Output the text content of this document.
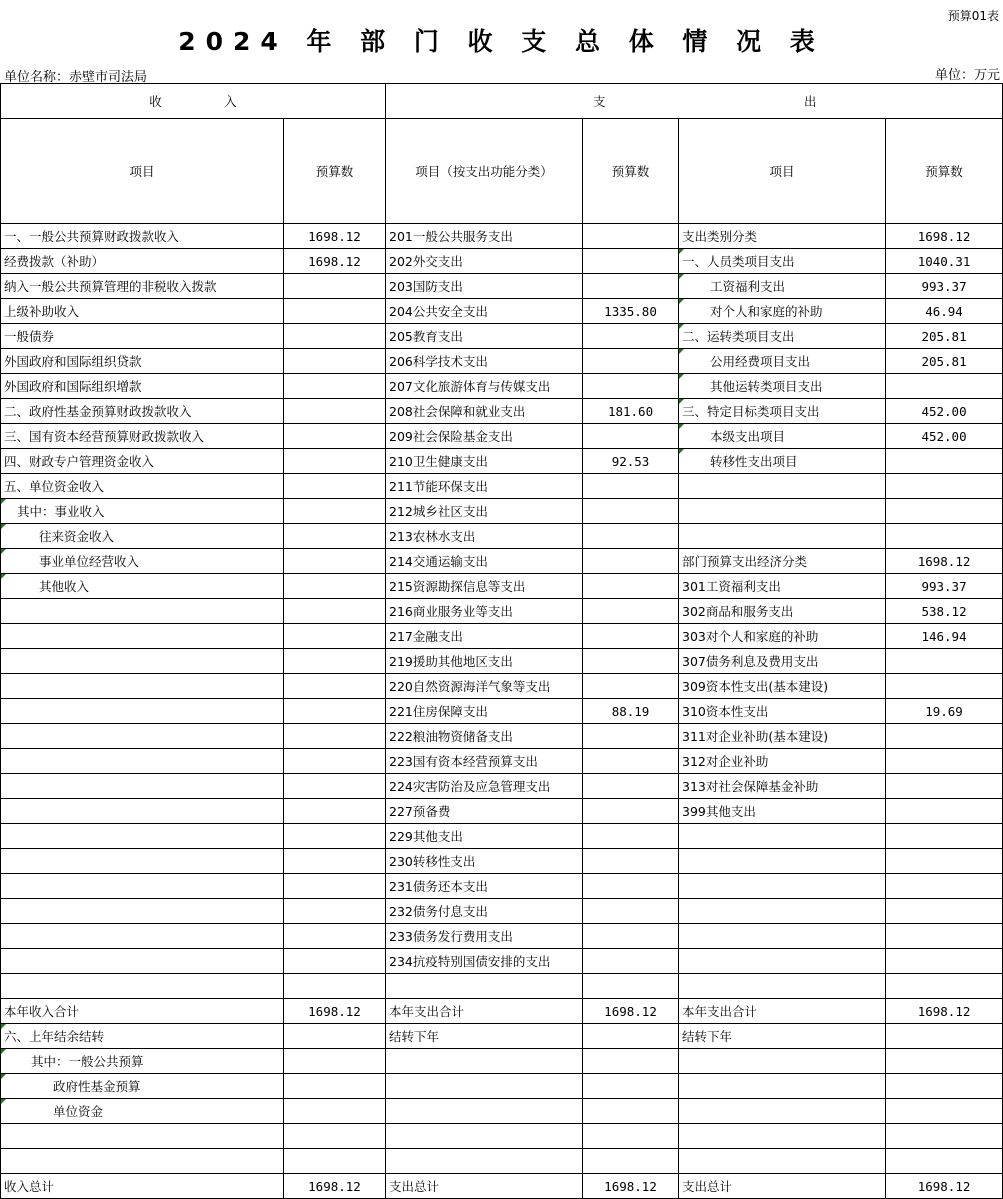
预算01表
2024 年 部 门 收 支 总 体 情 况 表
单位名称：赤壁市司法局	单位：万元
收　　　　　入		支 出			
项目	预算数	项目（按支出功能分类）	预算数	项目	预算数
一、一般公共预算财政拨款收入	1698.12	201一般公共服务支出		支出类别分类	1698.12
经费拨款（补助）	1698.12	202外交支出		一、人员类项目支出	1040.31
纳入一般公共预算管理的非税收入拨款		203国防支出		工资福利支出	993.37
上级补助收入		204公共安全支出	1335.80	对个人和家庭的补助	46.94
一般债券		205教育支出		二、运转类项目支出	205.81
外国政府和国际组织贷款		206科学技术支出		公用经费项目支出	205.81
外国政府和国际组织增款		207文化旅游体育与传媒支出		其他运转类项目支出	
二、政府性基金预算财政拨款收入		208社会保障和就业支出	181.60	三、特定目标类项目支出	452.00
三、国有资本经营预算财政拨款收入		209社会保险基金支出		本级支出项目	452.00
四、财政专户管理资金收入		210卫生健康支出	92.53	转移性支出项目	
五、单位资金收入		211节能环保支出			
其中：事业收入		212城乡社区支出			
往来资金收入		213农林水支出			
事业单位经营收入		214交通运输支出		部门预算支出经济分类	1698.12
其他收入		215资源勘探信息等支出		301工资福利支出	993.37
		216商业服务业等支出		302商品和服务支出	538.12
		217金融支出		303对个人和家庭的补助	146.94
		219援助其他地区支出		307债务利息及费用支出	
		220自然资源海洋气象等支出		309资本性支出(基本建设)	
		221住房保障支出	88.19	310资本性支出	19.69
		222粮油物资储备支出		311对企业补助(基本建设)	
		223国有资本经营预算支出		312对企业补助	
		224灾害防治及应急管理支出		313对社会保障基金补助	
		227预备费		399其他支出	
		229其他支出			
		230转移性支出			
		231债务还本支出			
		232债务付息支出			
		233债务发行费用支出			
		234抗疫特别国债安排的支出			

本年收入合计	1698.12	本年支出合计	1698.12	本年支出合计	1698.12
六、上年结余结转		结转下年		结转下年	
其中：一般公共预算					
政府性基金预算					
单位资金					

收入总计	1698.12	支出总计	1698.12	支出总计	1698.12
